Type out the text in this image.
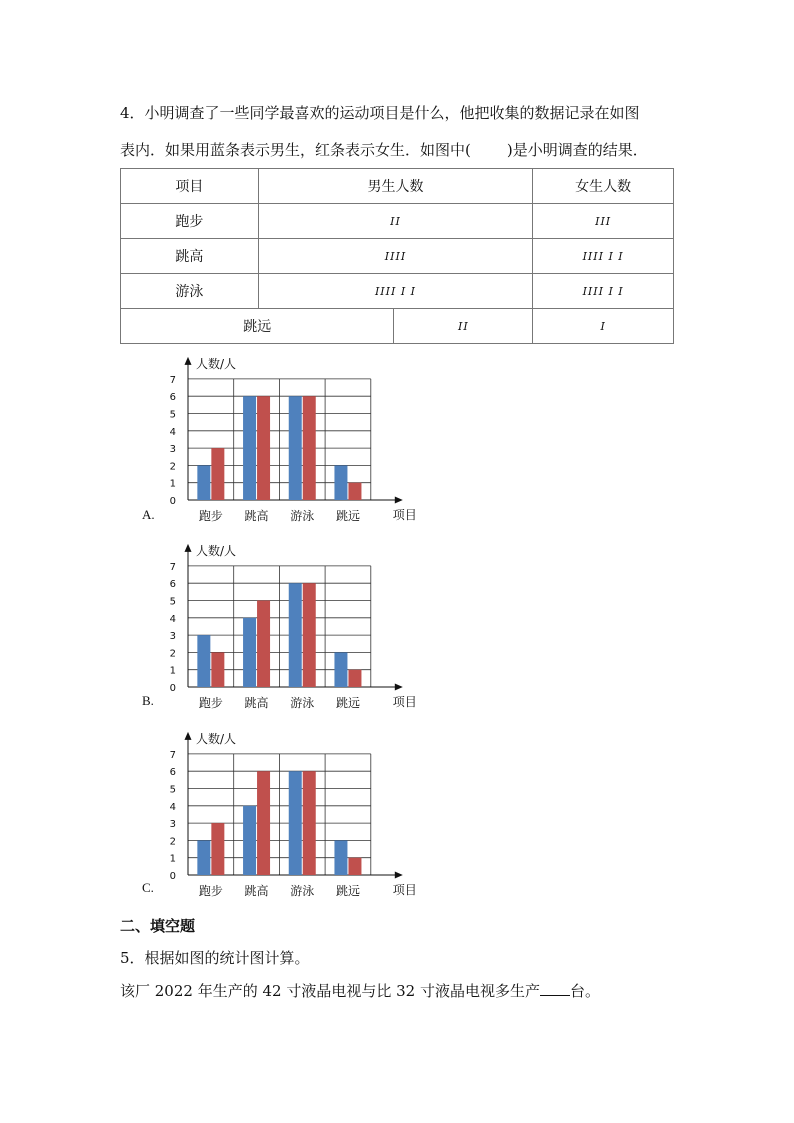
4．小明调查了一些同学最喜欢的运动项目是什么，他把收集的数据记录在如图
表内．如果用蓝条表示男生，红条表示女生．如图中( )是小明调查的结果．
项目	男生人数		女生人数
跑步	𝐼𝐼		𝐼𝐼𝐼
跳高	𝐼𝐼𝐼𝐼		𝐼𝐼𝐼𝐼 𝐼 𝐼
游泳	𝐼𝐼𝐼𝐼 𝐼 𝐼		𝐼𝐼𝐼𝐼 𝐼 𝐼
跳远		𝐼𝐼	𝐼
A.
B.
C.
0
1
2
3
4
5
6
7
人数/人
项目
跑步 跳高 游泳 跳远
0
1
2
3
4
5
6
7
人数/人
项目
跑步 跳高 游泳 跳远
0
1
2
3
4
5
6
7
人数/人
项目
跑步 跳高 游泳 跳远
二、填空题
5．根据如图的统计图计算。
该厂 2022 年生产的 42 寸液晶电视与比 32 寸液晶电视多生产 台。
